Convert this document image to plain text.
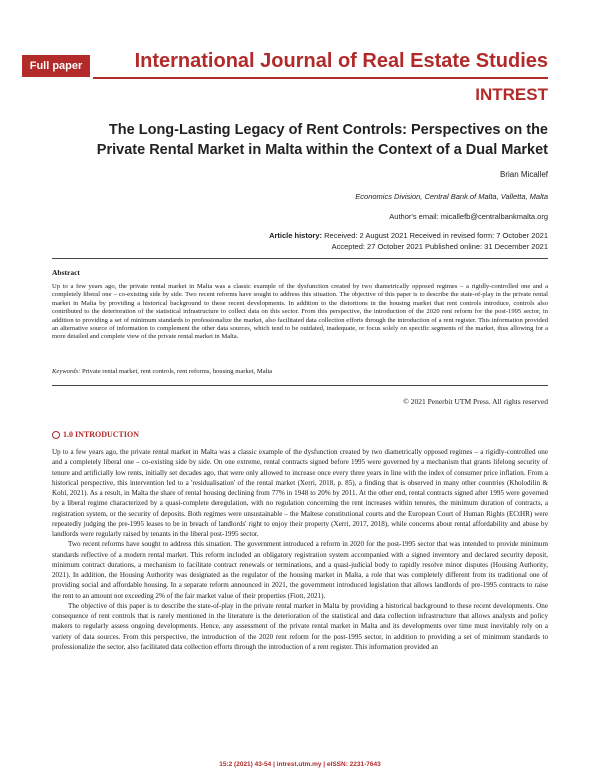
Full paper	International Journal of Real Estate Studies
INTREST
The Long-Lasting Legacy of Rent Controls: Perspectives on the Private Rental Market in Malta within the Context of a Dual Market
Brian Micallef
Economics Division, Central Bank of Malta, Valletta, Malta
Author's email: micallefb@centralbankmalta.org
Article history: Received: 2 August 2021 Received in revised form: 7 October 2021
Accepted: 27 October 2021 Published online: 31 December 2021
Abstract
Up to a few years ago, the private rental market in Malta was a classic example of the dysfunction created by two diametrically opposed regimes – a rigidly-controlled one and a completely liberal one – co-existing side by side. Two recent reforms have sought to address this situation. The objective of this paper is to describe the state-of-play in the private rental market in Malta by providing a historical background to these recent developments. In addition to the distortions in the housing market that rent controls introduce, controls also contributed to the deterioration of the statistical infrastructure to collect data on this sector. From this perspective, the introduction of the 2020 rent reform for the post-1995 sector, in addition to providing a set of minimum standards to professionalize the market, also facilitated data collection efforts through the introduction of a rent register. This information provided an alternative source of information to complement the other data sources, which tend to be outdated, inadequate, or focus solely on specific segments of the market, thus allowing for a more detailed and complete view of the private rental market in Malta.
Keywords: Private rental market, rent controls, rent reforms, housing market, Malta
© 2021 Penerbit UTM Press. All rights reserved
1.0 INTRODUCTION

Up to a few years ago, the private rental market in Malta was a classic example of the dysfunction created by two diametrically opposed regimes – a rigidly-controlled one and a completely liberal one – co-existing side by side. On one extreme, rental contracts signed before 1995 were governed by a mechanism that grants lifelong security of tenure and artificially low rents, initially set decades ago, that were only allowed to increase once every three years in line with the index of consumer price inflation. From a historical perspective, this intervention led to a 'residualisation' of the rental market (Xerri, 2018, p. 85), a finding that is observed in many other countries (Kholodilin & Kohl, 2021). As a result, in Malta the share of rental housing declining from 77% in 1948 to 20% by 2011. At the other end, rental contracts signed after 1995 were governed by a liberal regime characterized by a quasi-complete deregulation, with no regulation concerning the rent increases within tenures, the minimum duration of contracts, a registration system, or the security of deposits. Both regimes were unsustainable – the Maltese constitutional courts and the European Court of Human Rights (ECtHR) were repeatedly judging the pre-1995 leases to be in breach of landlords' right to enjoy their property (Xerri, 2017, 2018), while concerns about rental affordability and abuse by landlords were regularly raised by tenants in the liberal post-1995 sector.

Two recent reforms have sought to address this situation. The government introduced a reform in 2020 for the post-1995 sector that was intended to provide minimum standards reflective of a modern rental market. This reform included an obligatory registration system accompanied with a signed inventory and declared security deposit, minimum contract durations, a mechanism to facilitate contract renewals or terminations, and a quasi-judicial body to rapidly resolve minor disputes (Housing Authority, 2021). In addition, the Housing Authority was designated as the regulator of the housing market in Malta, a role that was completely different from its traditional one of providing social and affordable housing. In a separate reform announced in 2021, the government introduced legislation that allows landlords of pre-1995 contracts to raise the rent to an amount not exceeding 2% of the fair market value of their properties (Fiott, 2021).

The objective of this paper is to describe the state-of-play in the private rental market in Malta by providing a historical background to these recent developments. One consequence of rent controls that is rarely mentioned in the literature is the deterioration of the statistical and data collection infrastructure that allows analysts and policy makers to regularly assess ongoing developments. Hence, any assessment of the private rental market in Malta and its developments over time must inevitably rely on a variety of data sources. From this perspective, the introduction of the 2020 rent reform for the post-1995 sector, in addition to providing a set of minimum standards to professionalize the sector, also facilitated data collection efforts through the introduction of a rent register. This information provided an

15:2 (2021) 43-54 | intrest.utm.my | eISSN: 2231-7643
